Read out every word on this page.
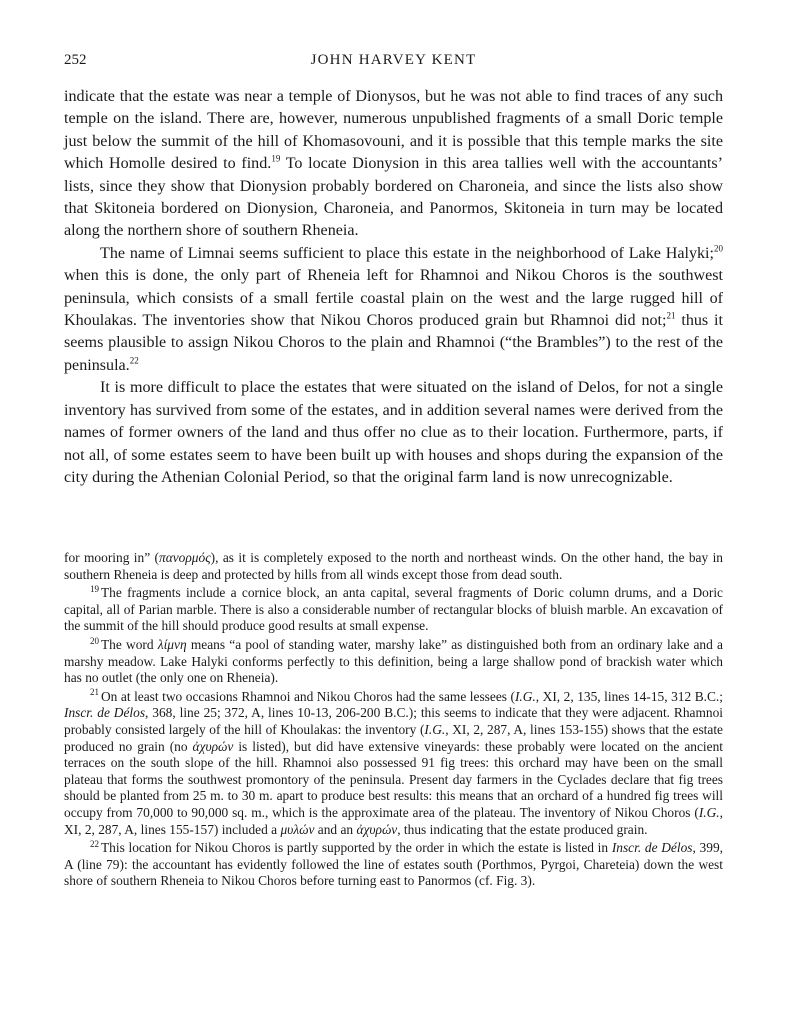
252	JOHN HARVEY KENT

indicate that the estate was near a temple of Dionysos, but he was not able to find traces of any such temple on the island. There are, however, numerous unpublished fragments of a small Doric temple just below the summit of the hill of Khomasovouni, and it is possible that this temple marks the site which Homolle desired to find.$^{19}$ To locate Dionysion in this area tallies well with the accountants’ lists, since they show that Dionysion probably bordered on Charoneia, and since the lists also show that Skitoneia bordered on Dionysion, Charoneia, and Panormos, Skitoneia in turn may be located along the northern shore of southern Rheneia.

The name of Limnai seems sufficient to place this estate in the neighborhood of Lake Halyki;$^{20}$ when this is done, the only part of Rheneia left for Rhamnoi and Nikou Choros is the southwest peninsula, which consists of a small fertile coastal plain on the west and the large rugged hill of Khoulakas. The inventories show that Nikou Choros produced grain but Rhamnoi did not;$^{21}$ thus it seems plausible to assign Nikou Choros to the plain and Rhamnoi (“the Brambles”) to the rest of the peninsula.$^{22}$

It is more difficult to place the estates that were situated on the island of Delos, for not a single inventory has survived from some of the estates, and in addition several names were derived from the names of former owners of the land and thus offer no clue as to their location. Furthermore, parts, if not all, of some estates seem to have been built up with houses and shops during the expansion of the city during the Athenian Colonial Period, so that the original farm land is now unrecognizable.

for mooring in” (πανορμός), as it is completely exposed to the north and northeast winds. On the other hand, the bay in southern Rheneia is deep and protected by hills from all winds except those from dead south.

$^{19}$ The fragments include a cornice block, an anta capital, several fragments of Doric column drums, and a Doric capital, all of Parian marble. There is also a considerable number of rectangular blocks of bluish marble. An excavation of the summit of the hill should produce good results at small expense.

$^{20}$ The word λίμνη means “a pool of standing water, marshy lake” as distinguished both from an ordinary lake and a marshy meadow. Lake Halyki conforms perfectly to this definition, being a large shallow pond of brackish water which has no outlet (the only one on Rheneia).

$^{21}$ On at least two occasions Rhamnoi and Nikou Choros had the same lessees (I.G., XI, 2, 135, lines 14-15, 312 B.C.; Inscr. de Délos, 368, line 25; 372, A, lines 10-13, 206-200 B.C.); this seems to indicate that they were adjacent. Rhamnoi probably consisted largely of the hill of Khoulakas: the inventory (I.G., XI, 2, 287, A, lines 153-155) shows that the estate produced no grain (no ἀχυρών is listed), but did have extensive vineyards: these probably were located on the ancient terraces on the south slope of the hill. Rhamnoi also possessed 91 fig trees: this orchard may have been on the small plateau that forms the southwest promontory of the peninsula. Present day farmers in the Cyclades declare that fig trees should be planted from 25 m. to 30 m. apart to produce best results: this means that an orchard of a hundred fig trees will occupy from 70,000 to 90,000 sq. m., which is the approximate area of the plateau. The inventory of Nikou Choros (I.G., XI, 2, 287, A, lines 155-157) included a μυλών and an ἀχυρών, thus indicating that the estate produced grain.

$^{22}$ This location for Nikou Choros is partly supported by the order in which the estate is listed in Inscr. de Délos, 399, A (line 79): the accountant has evidently followed the line of estates south (Porthmos, Pyrgoi, Chareteia) down the west shore of southern Rheneia to Nikou Choros before turning east to Panormos (cf. Fig. 3).
